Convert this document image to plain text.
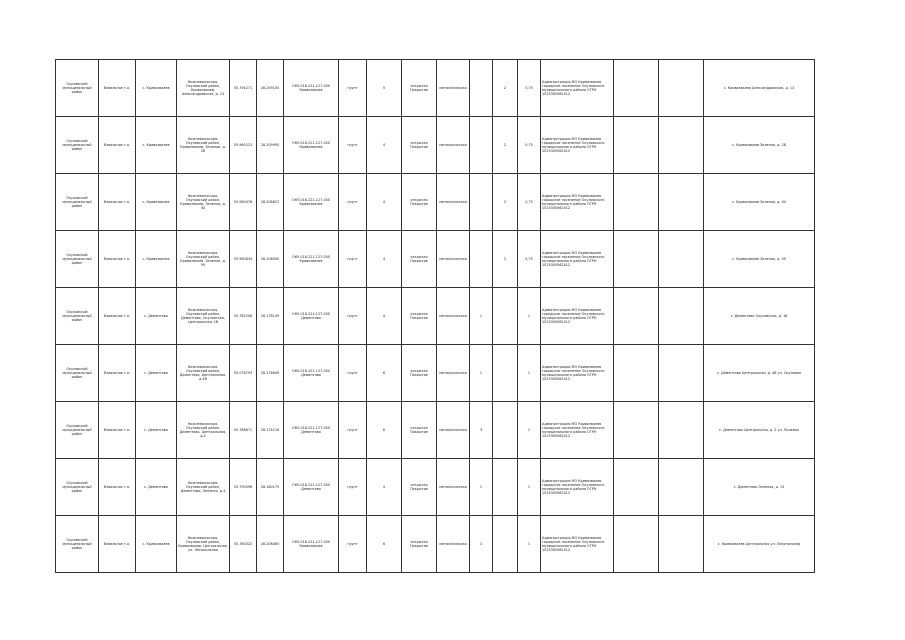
Окуловский муниципальный район	Взвальное т.о.	с. Кривозвалев	Нижневолжская, Окуловский район, Кривозвалев, Александровская, д. 13	55.794271	28.259100	ОКУ-016-221-127-000 Кривозвалев	грунт	5	открытая Покрытие	металлическая		2	0,75	Администрация МО Кривозвалев городское поселение Окуловского муниципального района ОГРН 1025300562412			с. Кривозвалев Александровская, д. 13
Окуловский муниципальный район	Взвальное т.о.	с. Кривозвалев	Нижневолжская, Окуловский район, Кривозвалев, Зеленая, д. 28	55.960213	28.209995	ОКУ-016-221-127-000 Кривозвалев	грунт	4	открытая Покрытие	металлическая		2	0,75	Администрация МО Кривозвалев городское поселение Окуловского муниципального района ОГРН 1025300562412			с. Кривозвалев Зеленая, д. 28
Окуловский муниципальный район	Взвальное т.о.	с. Кривозвалев	Нижневолжская, Окуловский район, Кривозвалев, Зеленая, д. 44	55.960478	28.208627	ОКУ-016-221-127-000 Кривозвалев	грунт	4	открытая Покрытие	металлическая		2	0,75	Администрация МО Кривозвалев городское поселение Окуловского муниципального района ОГРН 1025300562412			с. Кривозвалев Зеленая, д. 44
Окуловский муниципальный район	Взвальное т.о.	с. Кривозвалев	Нижневолжская, Окуловский район, Кривозвалев, Зеленая, д. 59	55.960834	28.206000	ОКУ-016-221-127-000 Кривозвалев	грунт	4	открытая Покрытие	металлическая		2	0,75	Администрация МО Кривозвалев городское поселение Окуловского муниципального района ОГРН 1025300562412			с. Кривозвалев Зеленая, д. 59
Окуловский муниципальный район	Взвальное т.о.	с. Дементово	Нижневолжская, Окуловский район, Дементово, Окуловская, Центральная, 1б	55.782206	28.178149	ОКУ-016-221-127-000 Дементово	грунт	4	открытая Покрытие	металлическая	1		1	Администрация МО Кривозвалев городское поселение Окуловского муниципального района ОГРН 1025300562412			с. Дементово Окуловская, д. 1б
Окуловский муниципальный район	Взвальное т.о.	с. Дементово	Нижневолжская, Окуловский район, Дементово, Центральная, д.48	55.078793	28.178649	ОКУ-016-221-127-000 Дементово	грунт	6	открытая Покрытие	металлическая	1		1	Администрация МО Кривозвалев городское поселение Окуловского муниципального района ОГРН 1025300562412			с. Дементово Центральная, д. 48 ул. Окуловая
Окуловский муниципальный район	Взвальное т.о.	с. Дементово	Нижневолжская, Окуловский район, Дементово, Центральная, д.2	55.788671	28.174116	ОКУ-016-221-127-000 Дементово	грунт	6	открытая Покрытие	металлическая	3		1	Администрация МО Кривозвалев городское поселение Окуловского муниципального района ОГРН 1025300562412			с. Дементово Центральная, д. 2 ул. Полевая
Окуловский муниципальный район	Взвальное т.о.	с. Дементово	Нижневолжская, Окуловский район, Дементово, Зеленая, д.4	55.790596	28.180175	ОКУ-016-221-127-000 Дементово	грунт	4	открытая Покрытие	металлическая	1		1	Администрация МО Кривозвалев городское поселение Окуловского муниципального района ОГРН 1025300562412			с. Дементово Зеленая, д. 13
Окуловский муниципальный район	Взвальное т.о.	с. Кривозвалев	Нижневолжская, Окуловский район, Кривозвалев, Центральная, ул. Лесопильная	55.780322	28.208465	ОКУ-016-221-127-000 Кривозвалев	грунт	6	открытая Покрытие	металлическая	3		1	Администрация МО Кривозвалев городское поселение Окуловского муниципального района ОГРН 1025300562412			с. Кривозвалев Центральная ул. Лесопильная
